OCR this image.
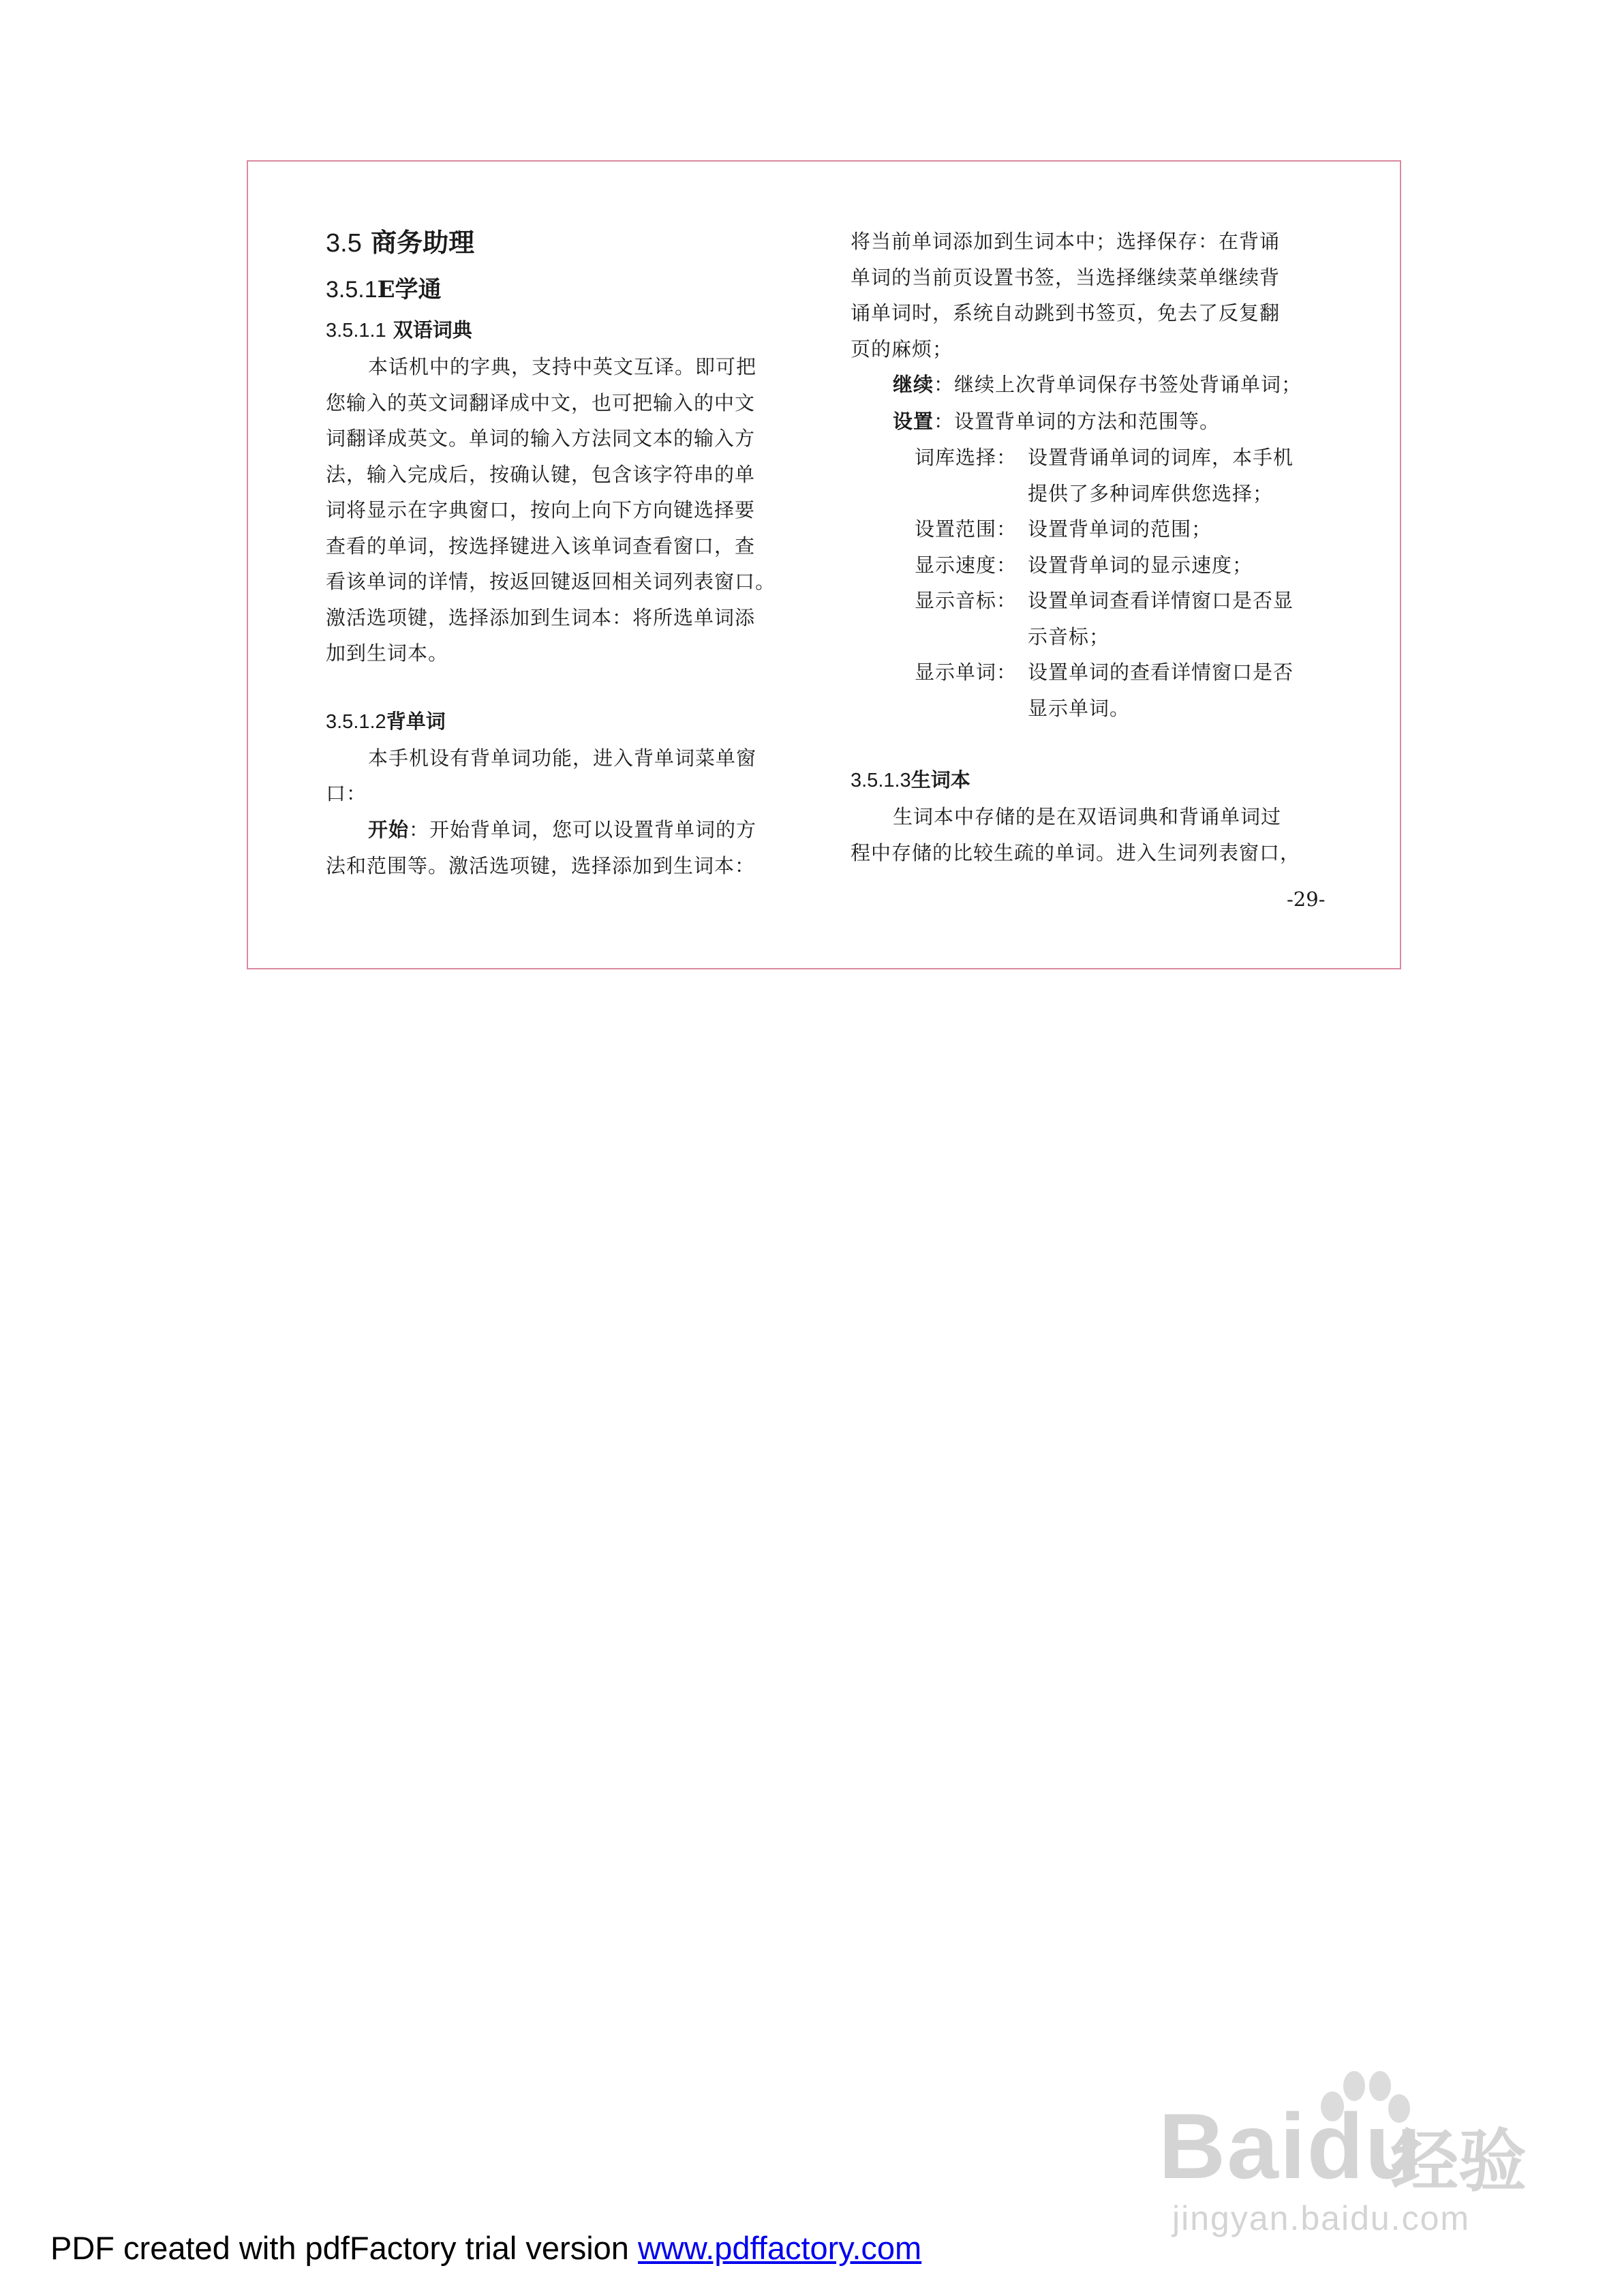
3.5 商务助理
3.5.1E学通
3.5.1.1 双语词典

本话机中的字典，支持中英文互译。即可把
您输入的英文词翻译成中文，也可把输入的中文
词翻译成英文。单词的输入方法同文本的输入方
法，输入完成后，按确认键，包含该字符串的单
词将显示在字典窗口，按向上向下方向键选择要
查看的单词，按选择键进入该单词查看窗口，查
看该单词的详情，按返回键返回相关词列表窗口。
激活选项键，选择添加到生词本：将所选单词添
加到生词本。

3.5.1.2背单词

本手机设有背单词功能，进入背单词菜单窗
口：

开始：开始背单词，您可以设置背单词的方
法和范围等。激活选项键，选择添加到生词本：

将当前单词添加到生词本中；选择保存：在背诵
单词的当前页设置书签，当选择继续菜单继续背
诵单词时，系统自动跳到书签页，免去了反复翻
页的麻烦；

继续：继续上次背单词保存书签处背诵单词；

设置：设置背单词的方法和范围等。

词库选择： 设置背诵单词的词库，本手机
提供了多种词库供您选择；
设置范围： 设置背单词的范围；
显示速度： 设置背单词的显示速度；
显示音标： 设置单词查看详情窗口是否显
示音标；
显示单词： 设置单词的查看详情窗口是否
显示单词。
3.5.1.3生词本

生词本中存储的是在双语词典和背诵单词过
程中存储的比较生疏的单词。进入生词列表窗口，

-29-
Baidu
经验
jingyan.baidu.com
PDF created with pdfFactory trial version www.pdffactory.com
